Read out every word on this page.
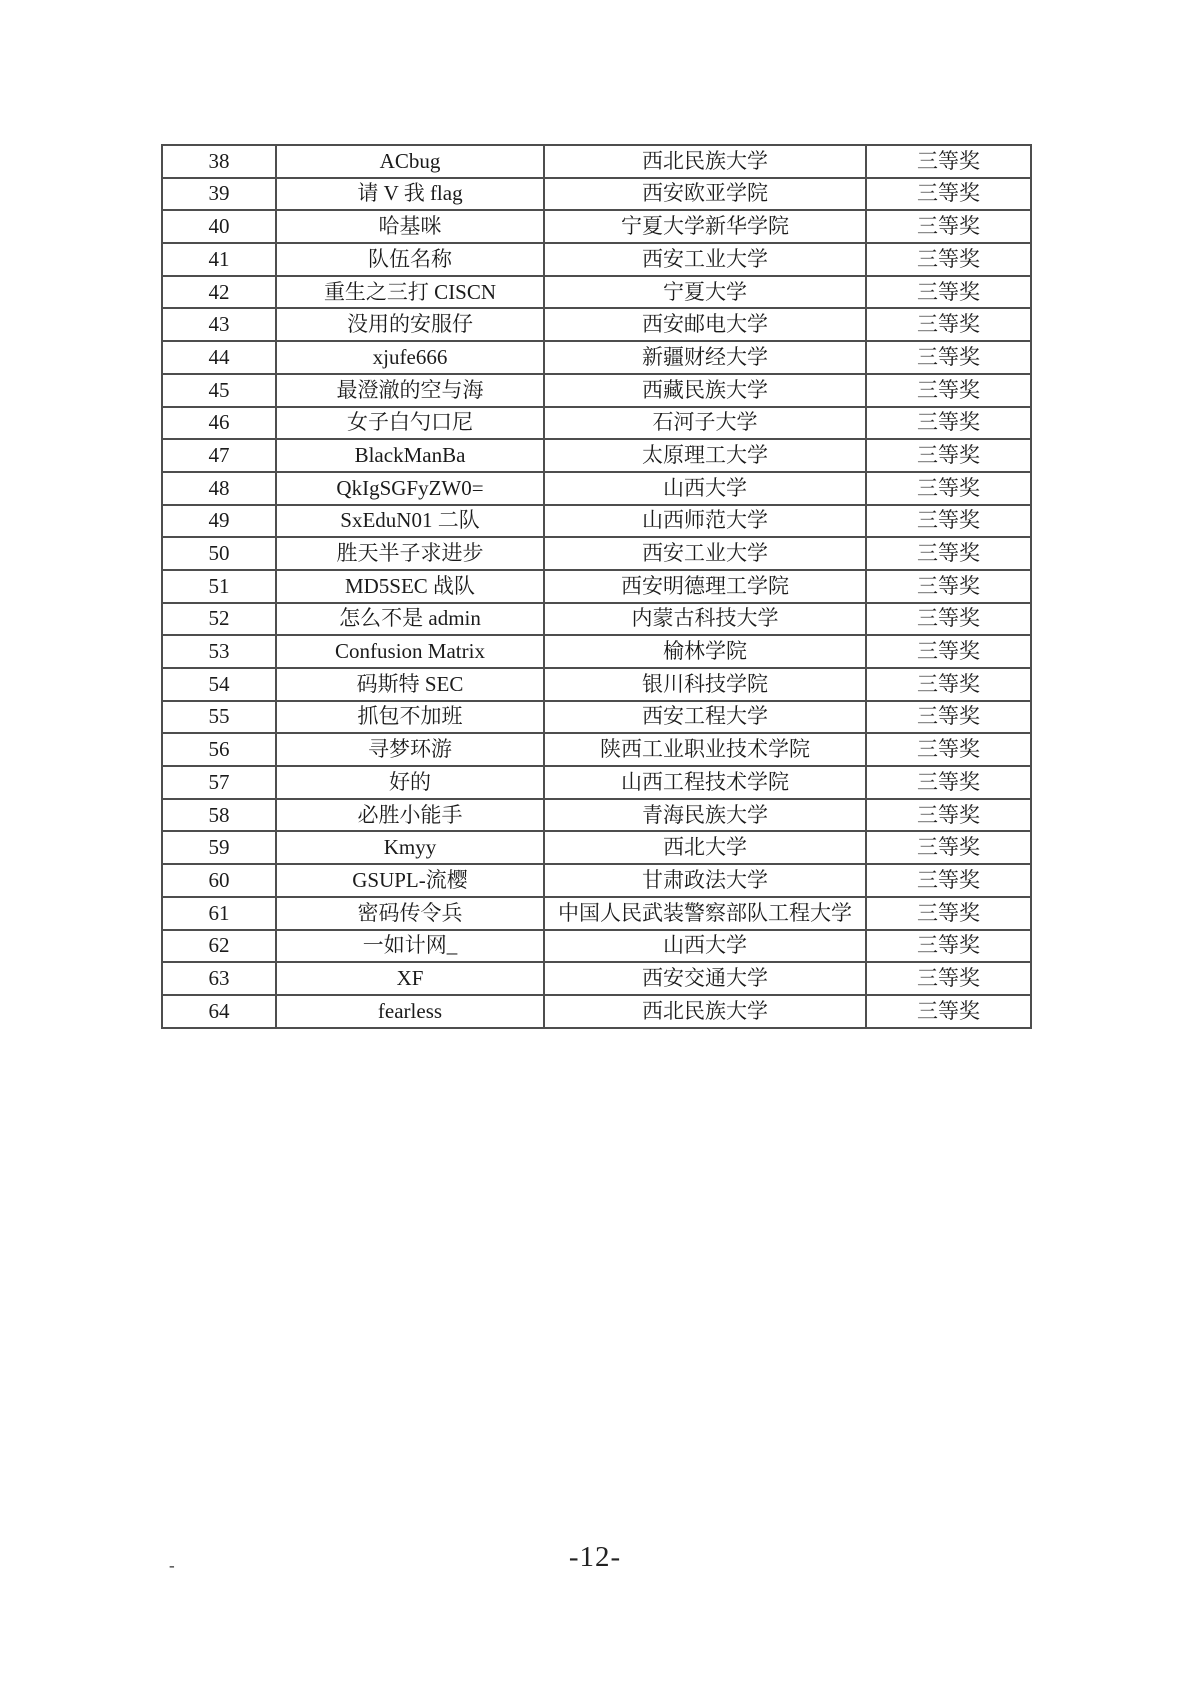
38	ACbug	西北民族大学	三等奖
39	请 V 我 flag	西安欧亚学院	三等奖
40	哈基咪	宁夏大学新华学院	三等奖
41	队伍名称	西安工业大学	三等奖
42	重生之三打 CISCN	宁夏大学	三等奖
43	没用的安服仔	西安邮电大学	三等奖
44	xjufe666	新疆财经大学	三等奖
45	最澄澈的空与海	西藏民族大学	三等奖
46	女子白勺口尼	石河子大学	三等奖
47	BlackManBa	太原理工大学	三等奖
48	QkIgSGFyZW0=	山西大学	三等奖
49	SxEduN01 二队	山西师范大学	三等奖
50	胜天半子求进步	西安工业大学	三等奖
51	MD5SEC 战队	西安明德理工学院	三等奖
52	怎么不是 admin	内蒙古科技大学	三等奖
53	Confusion Matrix	榆林学院	三等奖
54	码斯特 SEC	银川科技学院	三等奖
55	抓包不加班	西安工程大学	三等奖
56	寻梦环游	陕西工业职业技术学院	三等奖
57	好的	山西工程技术学院	三等奖
58	必胜小能手	青海民族大学	三等奖
59	Kmyy	西北大学	三等奖
60	GSUPL-流樱	甘肃政法大学	三等奖
61	密码传令兵	中国人民武装警察部队工程大学	三等奖
62	一如计网_	山西大学	三等奖
63	XF	西安交通大学	三等奖
64	fearless	西北民族大学	三等奖
-	-12-
